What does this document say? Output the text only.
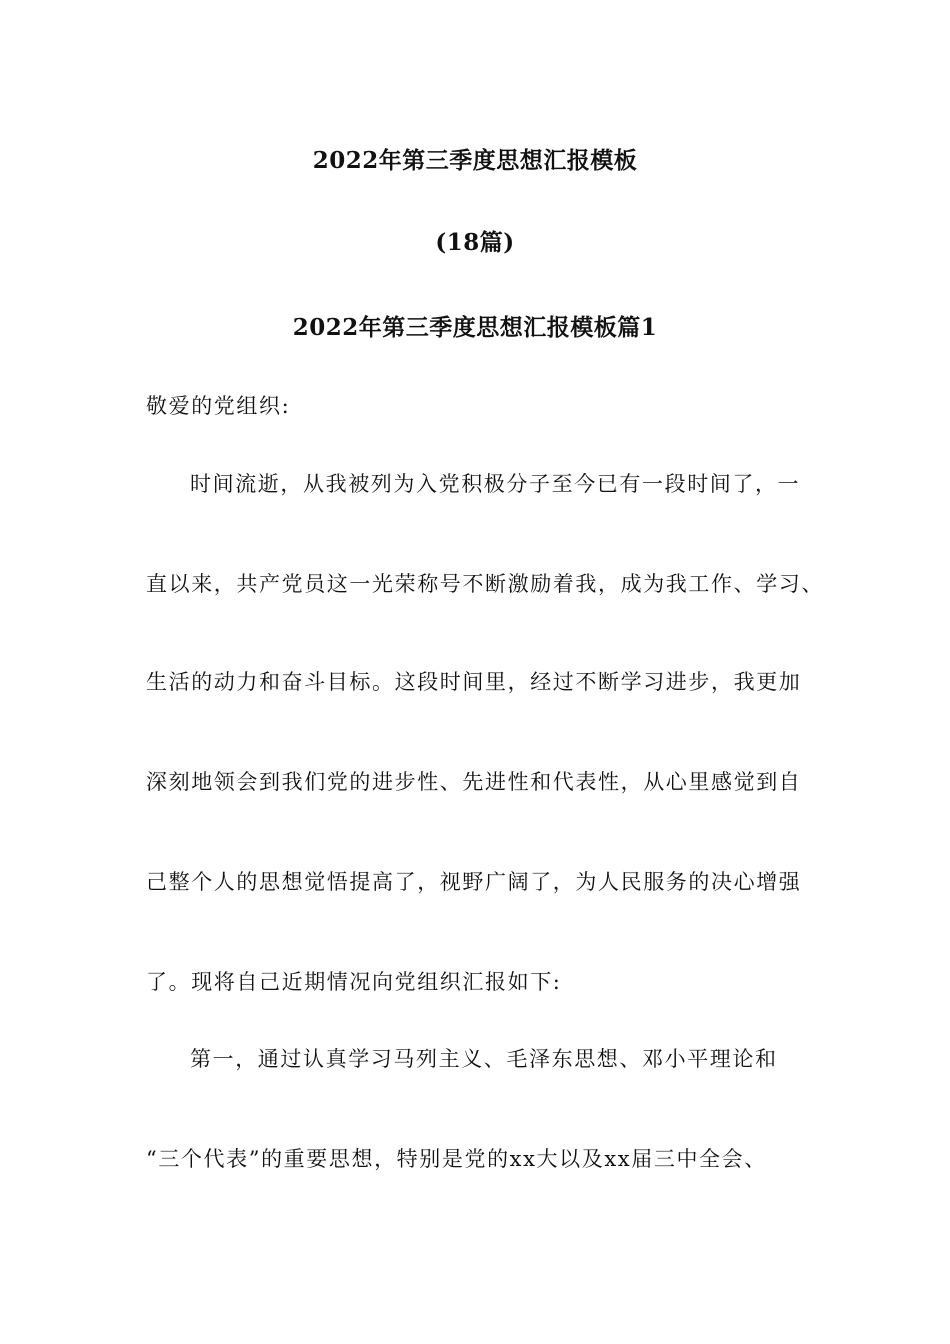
2022年第三季度思想汇报模板
(18篇)
2022年第三季度思想汇报模板篇1
敬爱的党组织:
时间流逝，从我被列为入党积极分子至今已有一段时间了，一
直以来，共产党员这一光荣称号不断激励着我，成为我工作、学习、
生活的动力和奋斗目标。这段时间里，经过不断学习进步，我更加
深刻地领会到我们党的进步性、先进性和代表性，从心里感觉到自
己整个人的思想觉悟提高了，视野广阔了，为人民服务的决心增强
了。现将自己近期情况向党组织汇报如下:
第一，通过认真学习马列主义、毛泽东思想、邓小平理论和
“三个代表”的重要思想，特别是党的xx大以及xx届三中全会、
